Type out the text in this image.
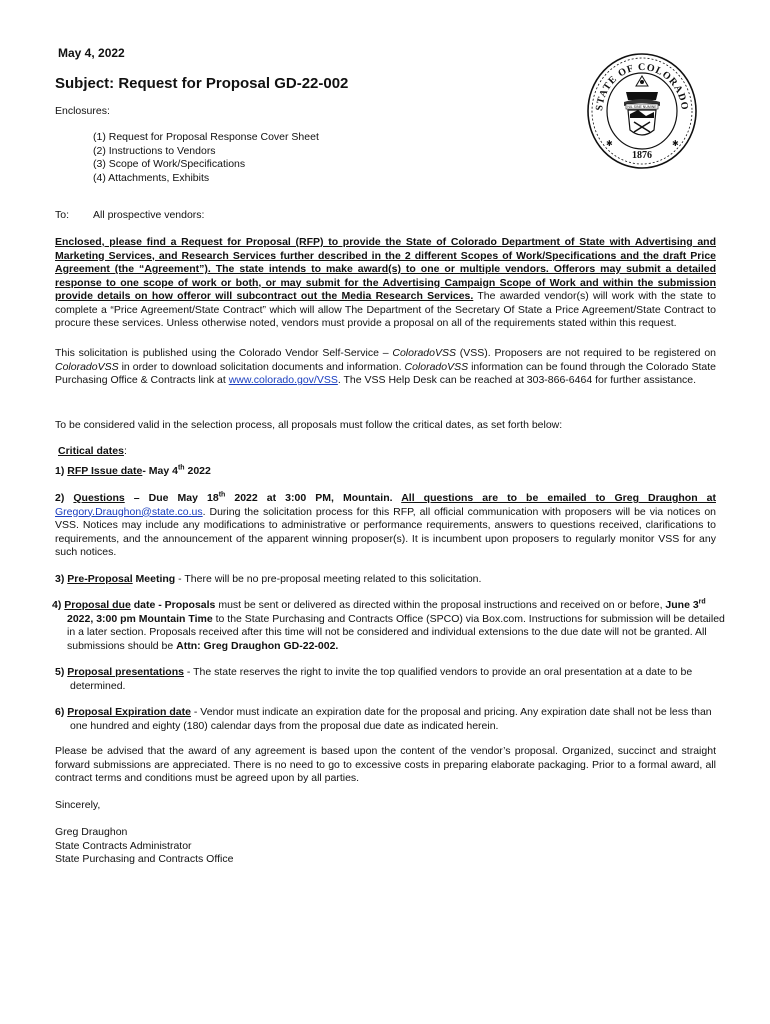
May 4, 2022
Subject: Request for Proposal GD-22-002
STATE OF COLORADO
1876
✱	✱
NIL SINE NUMINE
Enclosures:
(1) Request for Proposal Response Cover Sheet
(2) Instructions to Vendors
(3) Scope of Work/Specifications
(4) Attachments, Exhibits
To: All prospective vendors:
Enclosed, please find a Request for Proposal (RFP) to provide the State of Colorado Department of State with Advertising and Marketing Services, and Research Services further described in the 2 different Scopes of Work/Specifications and the draft Price Agreement (the “Agreement”). The state intends to make award(s) to one or multiple vendors. Offerors may submit a detailed response to one scope of work or both, or may submit for the Advertising Campaign Scope of Work and within the submission provide details on how offeror will subcontract out the Media Research Services. The awarded vendor(s) will work with the state to complete a “Price Agreement/State Contract” which will allow The Department of the Secretary Of State a Price Agreement/State Contract to procure these services. Unless otherwise noted, vendors must provide a proposal on all of the requirements stated within this request.
This solicitation is published using the Colorado Vendor Self-Service – ColoradoVSS (VSS). Proposers are not required to be registered on ColoradoVSS in order to download solicitation documents and information. ColoradoVSS information can be found through the Colorado State Purchasing Office & Contracts link at www.colorado.gov/VSS. The VSS Help Desk can be reached at 303-866-6464 for further assistance.
To be considered valid in the selection process, all proposals must follow the critical dates, as set forth below:
Critical dates:
1) RFP Issue date- May 4th 2022
2) Questions – Due May 18th 2022 at 3:00 PM, Mountain. All questions are to be emailed to Greg Draughon at Gregory.Draughon@state.co.us. During the solicitation process for this RFP, all official communication with proposers will be via notices on VSS. Notices may include any modifications to administrative or performance requirements, answers to questions received, clarifications to requirements, and the announcement of the apparent winning proposer(s). It is incumbent upon proposers to regularly monitor VSS for any such notices.
3) Pre-Proposal Meeting - There will be no pre-proposal meeting related to this solicitation.
4) Proposal due date - Proposals must be sent or delivered as directed within the proposal instructions and received on or before, June 3rd 2022, 3:00 pm Mountain Time to the State Purchasing and Contracts Office (SPCO) via Box.com. Instructions for submission will be detailed in a later section. Proposals received after this time will not be considered and individual extensions to the due date will not be granted. All submissions should be Attn: Greg Draughon GD-22-002.
5) Proposal presentations - The state reserves the right to invite the top qualified vendors to provide an oral presentation at a date to be determined.
6) Proposal Expiration date - Vendor must indicate an expiration date for the proposal and pricing. Any expiration date shall not be less than one hundred and eighty (180) calendar days from the proposal due date as indicated herein.
Please be advised that the award of any agreement is based upon the content of the vendor’s proposal. Organized, succinct and straight forward submissions are appreciated. There is no need to go to excessive costs in preparing elaborate packaging. Prior to a formal award, all contract terms and conditions must be agreed upon by all parties.
Sincerely,
Greg Draughon
State Contracts Administrator
State Purchasing and Contracts Office
